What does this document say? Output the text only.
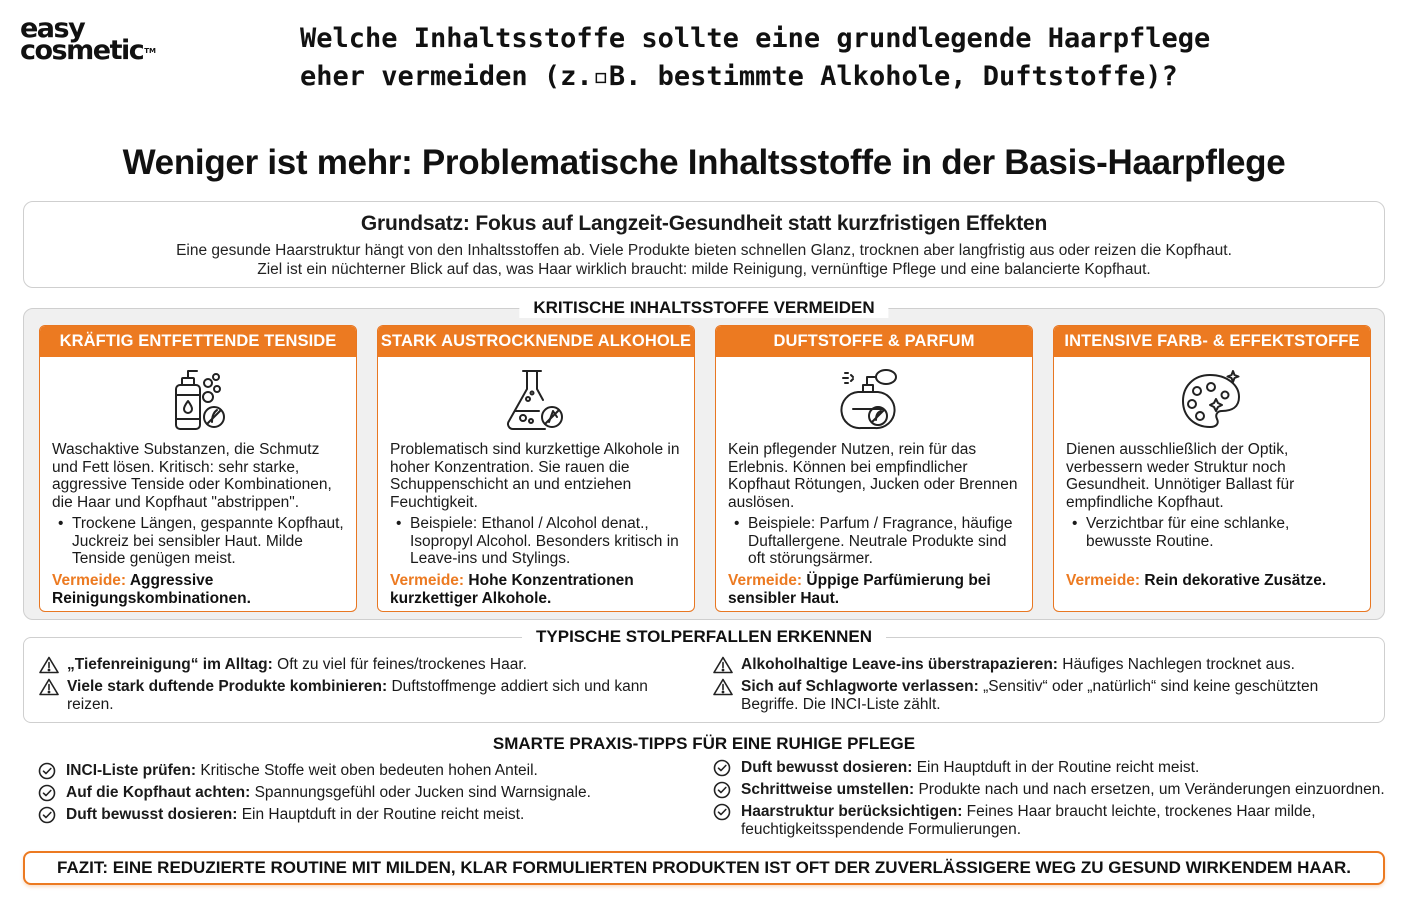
easy
cosmetic™	Welche Inhaltsstoffe sollte eine grundlegende Haarpflege
eher vermeiden (z.▫B. bestimmte Alkohole, Duftstoffe)?
Weniger ist mehr: Problematische Inhaltsstoffe in der Basis-Haarpflege
Grundsatz: Fokus auf Langzeit-Gesundheit statt kurzfristigen Effekten

Eine gesunde Haarstruktur hängt von den Inhaltsstoffen ab. Viele Produkte bieten schnellen Glanz, trocknen aber langfristig aus oder reizen die Kopfhaut.
Ziel ist ein nüchterner Blick auf das, was Haar wirklich braucht: milde Reinigung, vernünftige Pflege und eine balancierte Kopfhaut.

KRITISCHE INHALTSSTOFFE VERMEIDEN
KRÄFTIG ENTFETTENDE TENSIDE
Waschaktive Substanzen, die Schmutz und Fett lösen. Kritisch: sehr starke, aggressive Tenside oder Kombinationen, die Haar und Kopfhaut "abstrippen".
• Trockene Längen, gespannte Kopfhaut, Juckreiz bei sensibler Haut. Milde Tenside genügen meist.
Vermeide: Aggressive Reinigungskombinationen.
STARK AUSTROCKNENDE ALKOHOLE
Problematisch sind kurzkettige Alkohole in hoher Konzentration. Sie rauen die Schuppenschicht an und entziehen Feuchtigkeit.
• Beispiele: Ethanol / Alcohol denat., Isopropyl Alcohol. Besonders kritisch in Leave-ins und Stylings.
Vermeide: Hohe Konzentrationen kurzkettiger Alkohole.
DUFTSTOFFE & PARFUM
Kein pflegender Nutzen, rein für das Erlebnis. Können bei empfindlicher Kopfhaut Rötungen, Jucken oder Brennen auslösen.
• Beispiele: Parfum / Fragrance, häufige Duftallergene. Neutrale Produkte sind oft störungsärmer.
Vermeide: Üppige Parfümierung bei sensibler Haut.
INTENSIVE FARB- & EFFEKTSTOFFE
Dienen ausschließlich der Optik, verbessern weder Struktur noch Gesundheit. Unnötiger Ballast für empfindliche Kopfhaut.
• Verzichtbar für eine schlanke, bewusste Routine.
Vermeide: Rein dekorative Zusätze.
TYPISCHE STOLPERFALLEN ERKENNEN
„Tiefenreinigung“ im Alltag: Oft zu viel für feines/trockenes Haar.
Viele stark duftende Produkte kombinieren: Duftstoffmenge addiert sich und kann reizen.
Alkoholhaltige Leave-ins überstrapazieren: Häufiges Nachlegen trocknet aus.
Sich auf Schlagworte verlassen: „Sensitiv“ oder „natürlich“ sind keine geschützten Begriffe. Die INCI-Liste zählt.
SMARTE PRAXIS-TIPPS FÜR EINE RUHIGE PFLEGE
INCI-Liste prüfen: Kritische Stoffe weit oben bedeuten hohen Anteil.
Auf die Kopfhaut achten: Spannungsgefühl oder Jucken sind Warnsignale.
Duft bewusst dosieren: Ein Hauptduft in der Routine reicht meist.
Duft bewusst dosieren: Ein Hauptduft in der Routine reicht meist.
Schrittweise umstellen: Produkte nach und nach ersetzen, um Veränderungen einzuordnen.
Haarstruktur berücksichtigen: Feines Haar braucht leichte, trockenes Haar milde, feuchtigkeitsspendende Formulierungen.
FAZIT: EINE REDUZIERTE ROUTINE MIT MILDEN, KLAR FORMULIERTEN PRODUKTEN IST OFT DER ZUVERLÄSSIGERE WEG ZU GESUND WIRKENDEM HAAR.
